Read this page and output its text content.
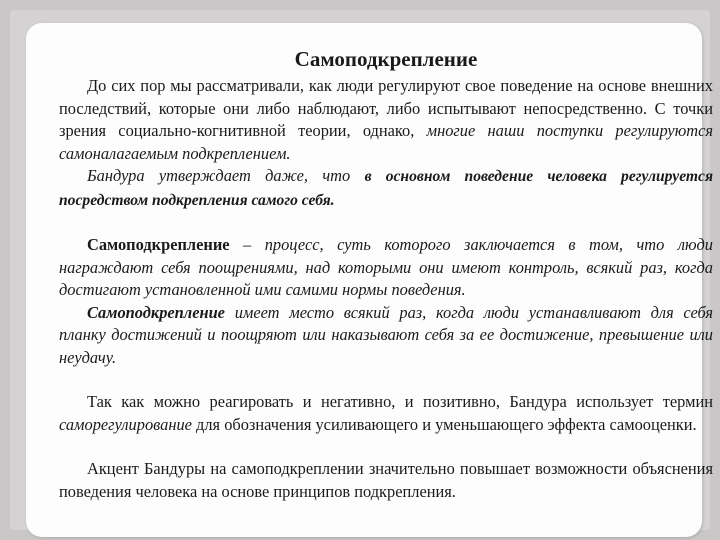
Самоподкрепление

До сих пор мы рассматривали, как люди регулируют свое поведение на основе внешних последствий, которые они либо наблюдают, либо испытывают непосредственно. С точки зрения социально-когнитивной теории, однако, многие наши поступки регулируются самоналагаемым подкреплением.

Бандура утверждает даже, что в основном поведение человека регулируется посредством подкрепления самого себя.

Самоподкрепление – процесс, суть которого заключается в том, что люди награждают себя поощрениями, над которыми они имеют контроль, всякий раз, когда достигают установленной ими самими нормы поведения.

Самоподкрепление имеет место всякий раз, когда люди устанавливают для себя планку достижений и поощряют или наказывают себя за ее достижение, превышение или неудачу.

Так как можно реагировать и негативно, и позитивно, Бандура использует термин саморегулирование для обозначения усиливающего и уменьшающего эффекта самооценки.

Акцент Бандуры на самоподкреплении значительно повышает возможности объяснения поведения человека на основе принципов подкрепления.
